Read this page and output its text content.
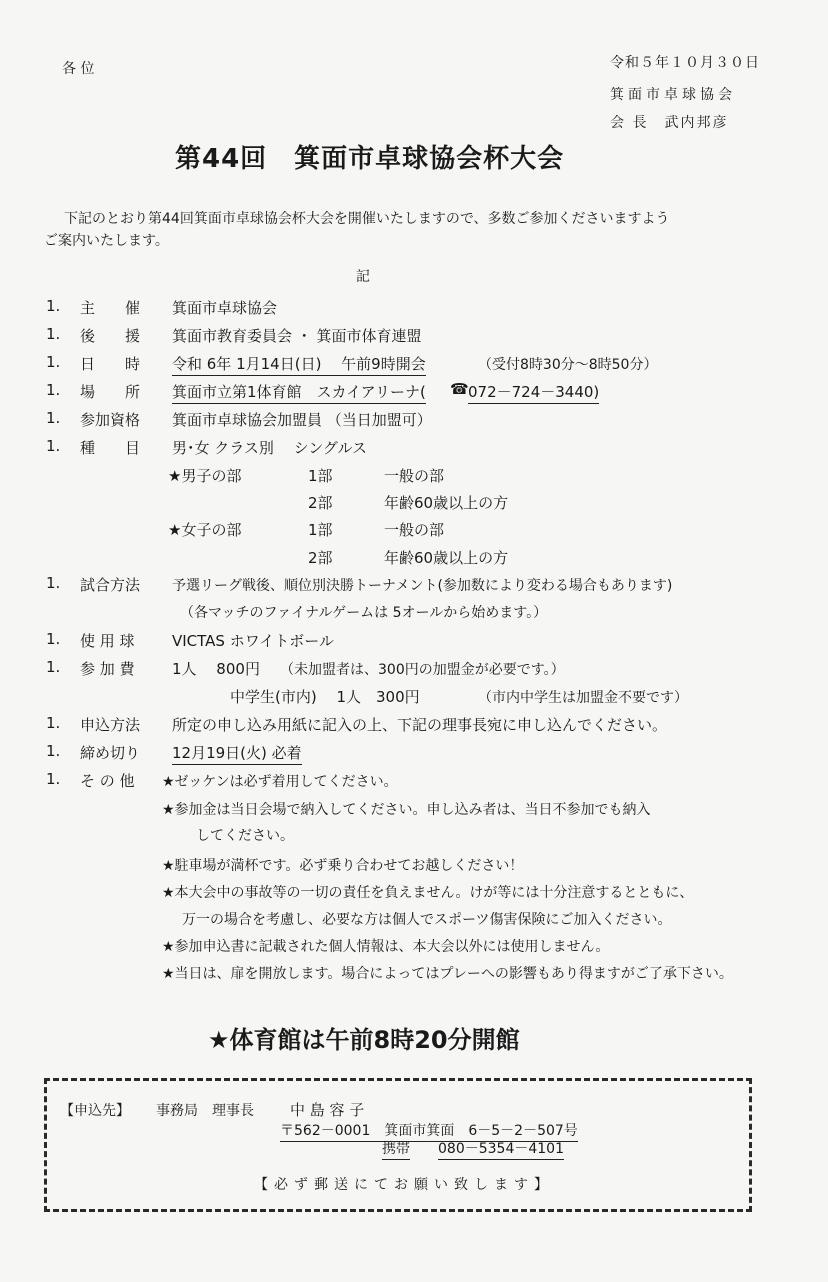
各 位	令和５年１０月３０日
箕面市卓球協会
会 長　武内邦彦
第44回　箕面市卓球協会杯大会
下記のとおり第44回箕面市卓球協会杯大会を開催いたしますので、多数ご参加くださいますよう
ご案内いたします。
記
1. 主　　催 箕面市卓球協会
1. 後　　援 箕面市教育委員会 ・ 箕面市体育連盟
1. 日　　時 令和 6年 1月14日(日)　 午前9時開会	（受付8時30分～8時50分）
1. 場　　所 箕面市立第1体育館　スカイアリーナ( ☎ 072－724－3440)
1. 参加資格 箕面市卓球協会加盟員 （当日加盟可）
1. 種　　目 男･女 クラス別　 シングルス
★男子の部	1部	一般の部
2部	年齢60歳以上の方
★女子の部	1部	一般の部
2部	年齢60歳以上の方
1. 試合方法 予選リーグ戦後、順位別決勝トーナメント(参加数により変わる場合もあります)
（各マッチのファイナルゲームは 5オールから始めます。）
1. 使 用 球 VICTAS ホワイトボール
1. 参 加 費 1人　 800円 （未加盟者は、300円の加盟金が必要です。）
中学生(市内)　 1人　300円	（市内中学生は加盟金不要です）
1. 申込方法 所定の申し込み用紙に記入の上、下記の理事長宛に申し込んでください。
1. 締め切り 12月19日(火) 必着
1. そ の 他 ★ゼッケンは必ず着用してください。
★参加金は当日会場で納入してください。申し込み者は、当日不参加でも納入
してください。
★駐車場が満杯です。必ず乗り合わせてお越しください！
★本大会中の事故等の一切の責任を負えません。けが等には十分注意するとともに、
万一の場合を考慮し、必要な方は個人でスポーツ傷害保険にご加入ください。
★参加申込書に記載された個人情報は、本大会以外には使用しません。
★当日は、扉を開放します。場合によってはプレーへの影響もあり得ますがご了承下さい。
★体育館は午前8時20分開館
【申込先】 事務局　理事長 中 島 容 子
〒562－0001　箕面市箕面　6－5－2－507号
携帯 080－5354－4101
【必ず郵送にてお願い致します】
